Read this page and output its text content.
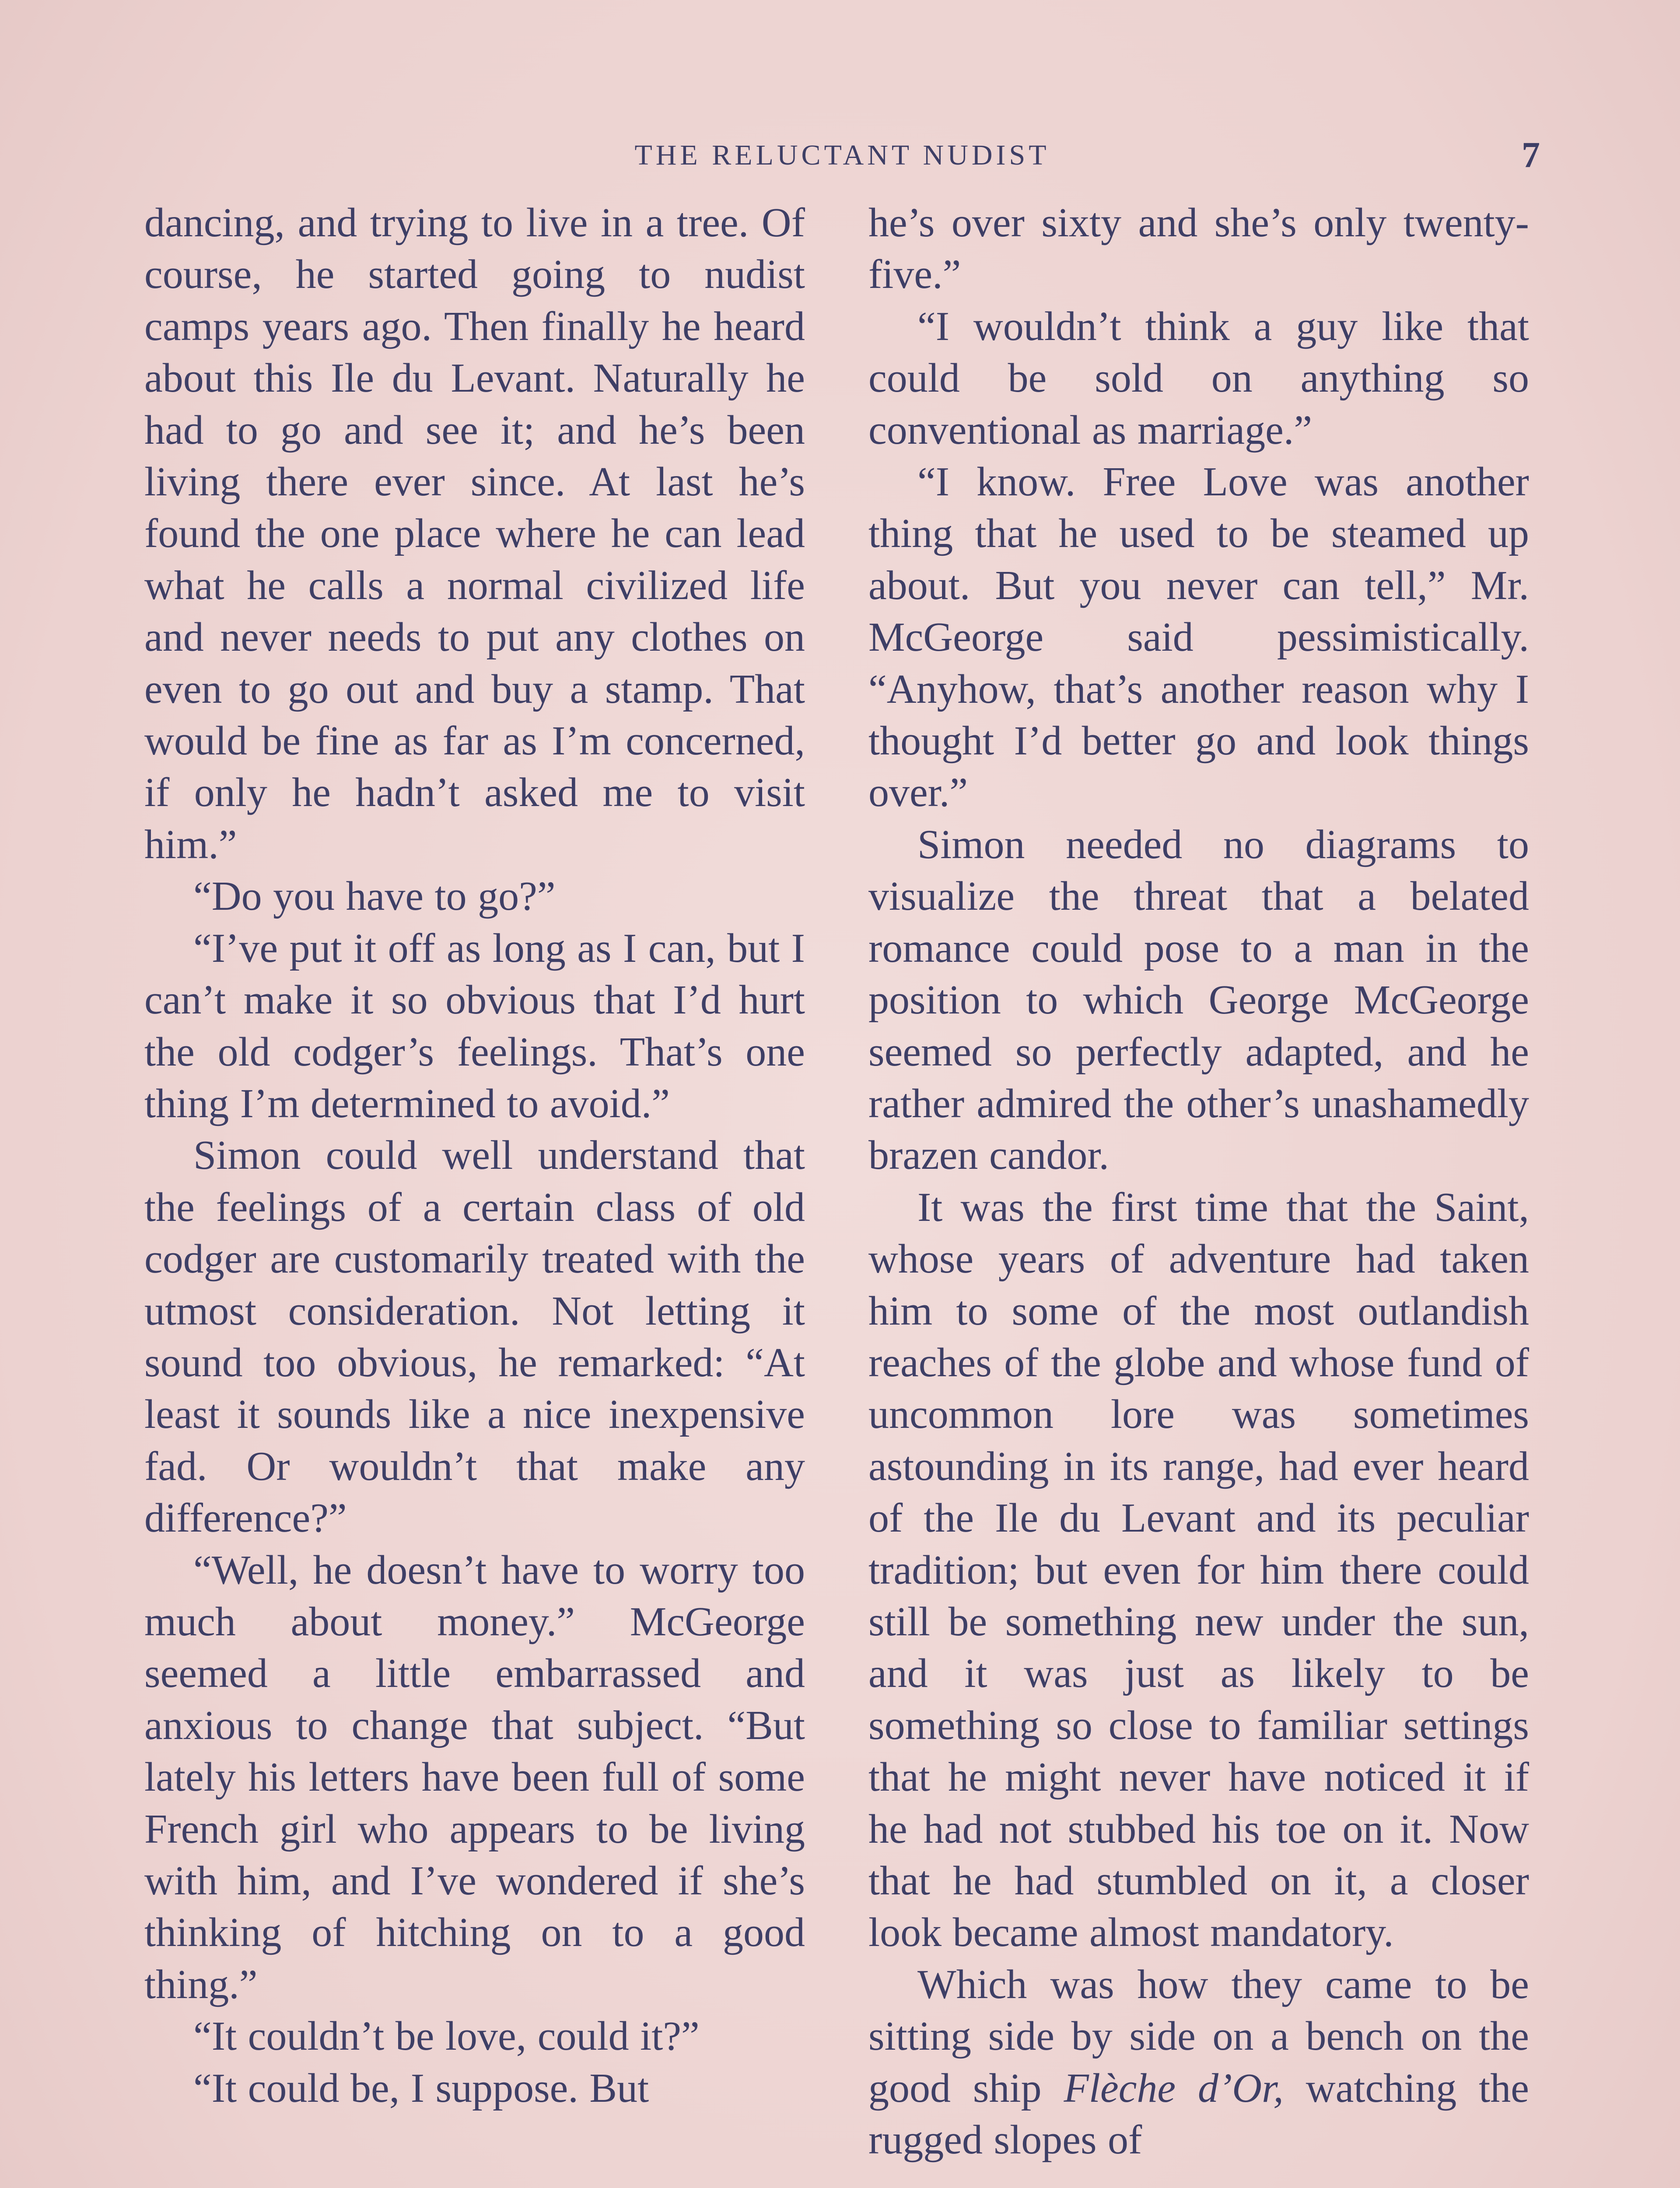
THE RELUCTANT NUDIST	7

dancing, and trying to live in a tree. Of course, he started going to nudist camps years ago. Then finally he heard about this Ile du Levant. Naturally he had to go and see it; and he’s been living there ever since. At last he’s found the one place where he can lead what he calls a normal civilized life and never needs to put any clothes on even to go out and buy a stamp. That would be fine as far as I’m concerned, if only he hadn’t asked me to visit him.”

“Do you have to go?”

“I’ve put it off as long as I can, but I can’t make it so obvious that I’d hurt the old codger’s feelings. That’s one thing I’m determined to avoid.”

Simon could well understand that the feelings of a certain class of old codger are customarily treated with the utmost consideration. Not letting it sound too obvious, he remarked: “At least it sounds like a nice inexpensive fad. Or wouldn’t that make any difference?”

“Well, he doesn’t have to worry too much about money.” McGeorge seemed a little embarrassed and anxious to change that subject. “But lately his letters have been full of some French girl who appears to be living with him, and I’ve wondered if she’s thinking of hitching on to a good thing.”

“It couldn’t be love, could it?”

“It could be, I suppose. But

he’s over sixty and she’s only twenty-five.”

“I wouldn’t think a guy like that could be sold on anything so conventional as marriage.”

“I know. Free Love was another thing that he used to be steamed up about. But you never can tell,” Mr. McGeorge said pessimistically. “Anyhow, that’s another reason why I thought I’d better go and look things over.”

Simon needed no diagrams to visualize the threat that a belated romance could pose to a man in the position to which George McGeorge seemed so perfectly adapted, and he rather admired the other’s unashamedly brazen candor.

It was the first time that the Saint, whose years of adventure had taken him to some of the most outlandish reaches of the globe and whose fund of uncommon lore was sometimes astounding in its range, had ever heard of the Ile du Levant and its peculiar tradition; but even for him there could still be something new under the sun, and it was just as likely to be something so close to familiar settings that he might never have noticed it if he had not stubbed his toe on it. Now that he had stumbled on it, a closer look became almost mandatory.

Which was how they came to be sitting side by side on a bench on the good ship Flèche d’Or, watching the rugged slopes of
